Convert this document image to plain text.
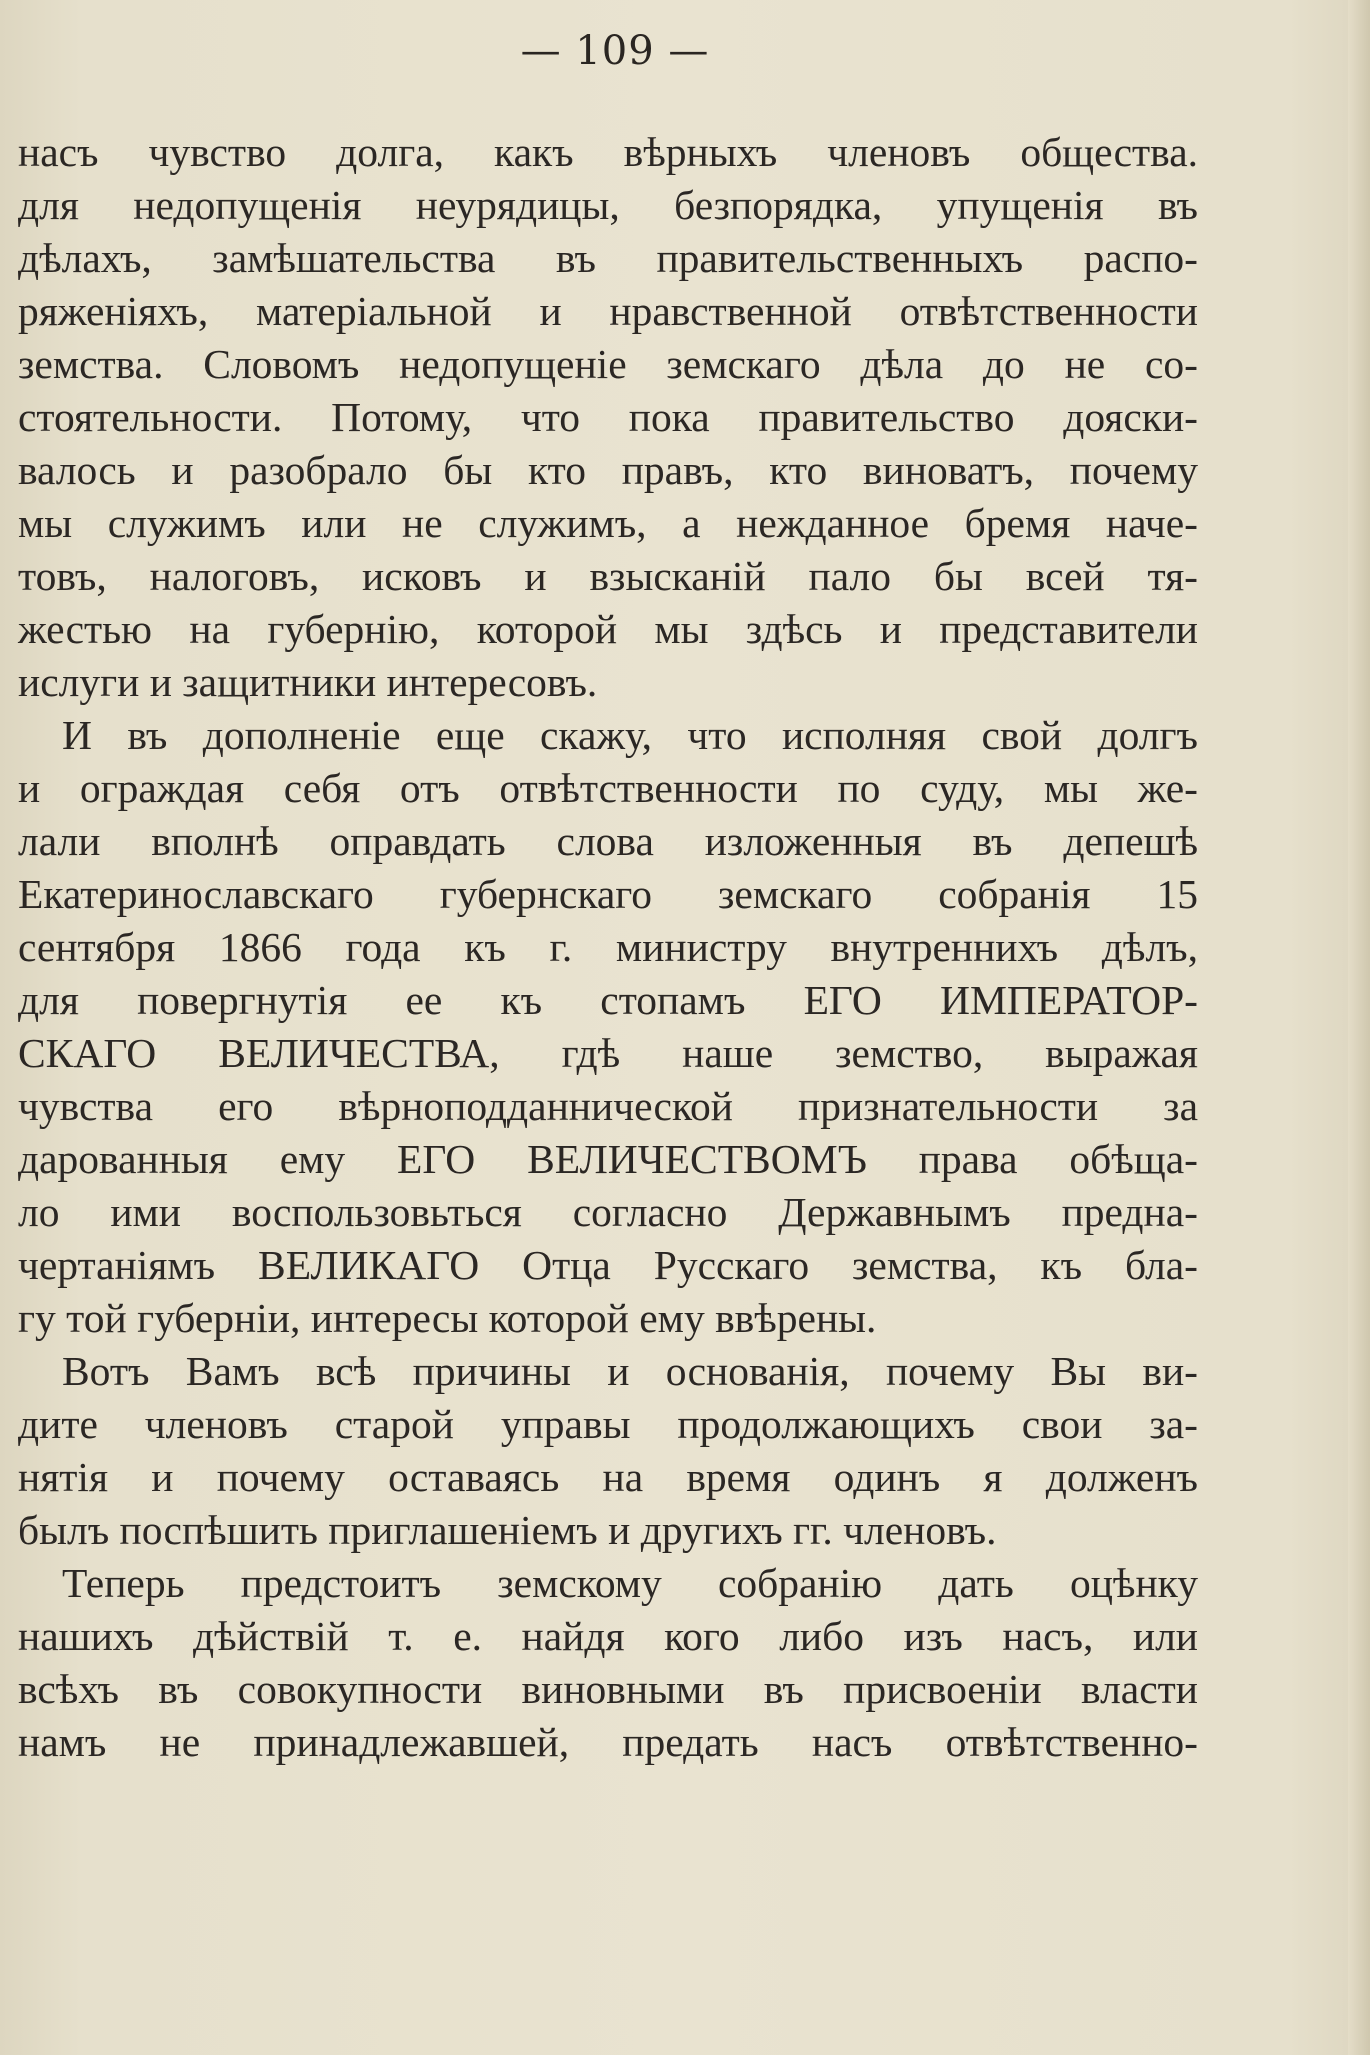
— 109 —
насъ чувство долга, какъ вѣрныхъ членовъ общества.
для недопущенія неурядицы, безпорядка, упущенія въ
дѣлахъ, замѣшательства въ правительственныхъ распо-
ряженіяхъ, матеріальной и нравственной отвѣтственности
земства. Словомъ недопущеніе земскаго дѣла до не со-
стоятельности. Потому, что пока правительство дояски-
валось и разобрало бы кто правъ, кто виноватъ, почему
мы служимъ или не служимъ, а нежданное бремя наче-
товъ, налоговъ, исковъ и взысканій пало бы всей тя-
жестью на губернію, которой мы здѣсь и представители
ислуги и защитники интересовъ.
И въ дополненіе еще скажу, что исполняя свой долгъ
и ограждая себя отъ отвѣтственности по суду, мы же-
лали вполнѣ оправдать слова изложенныя въ депешѣ
Екатеринославскаго губернскаго земскаго собранія 15
сентября 1866 года къ г. министру внутреннихъ дѣлъ,
для повергнутія ее къ стопамъ ЕГО ИМПЕРАТОР-
СКАГО ВЕЛИЧЕСТВА, гдѣ наше земство, выражая
чувства его вѣрноподданнической признательности за
дарованныя ему ЕГО ВЕЛИЧЕСТВОМЪ права обѣща-
ло ими воспользовьться согласно Державнымъ предна-
чертаніямъ ВЕЛИКАГО Отца Русскаго земства, къ бла-
гу той губерніи, интересы которой ему ввѣрены.
Вотъ Вамъ всѣ причины и основанія, почему Вы ви-
дите членовъ старой управы продолжающихъ свои за-
нятія и почему оставаясь на время одинъ я долженъ
былъ поспѣшить приглашеніемъ и другихъ гг. членовъ.
Теперь предстоитъ земскому собранію дать оцѣнку
нашихъ дѣйствій т. е. найдя кого либо изъ насъ, или
всѣхъ въ совокупности виновными въ присвоеніи власти
намъ не принадлежавшей, предать насъ отвѣтственно-
